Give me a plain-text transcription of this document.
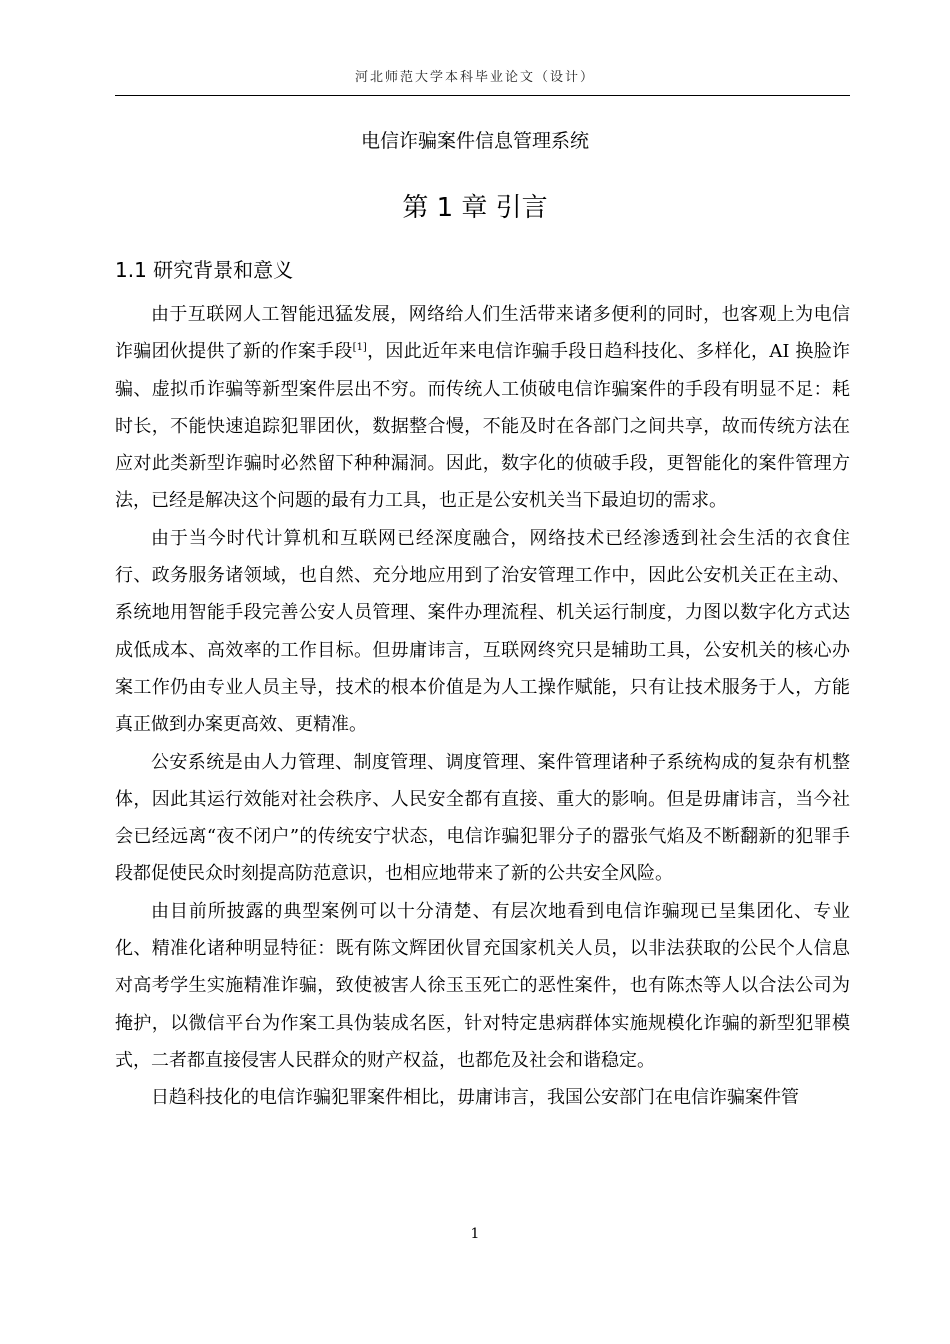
河北师范大学本科毕业论文（设计）
电信诈骗案件信息管理系统
第 1 章 引言
1.1 研究背景和意义

由于互联网人工智能迅猛发展，网络给人们生活带来诸多便利的同时，也客观上为电信诈骗团伙提供了新的作案手段[1]，因此近年来电信诈骗手段日趋科技化、多样化，AI 换脸诈骗、虚拟币诈骗等新型案件层出不穷。而传统人工侦破电信诈骗案件的手段有明显不足：耗时长，不能快速追踪犯罪团伙，数据整合慢，不能及时在各部门之间共享，故而传统方法在应对此类新型诈骗时必然留下种种漏洞。因此，数字化的侦破手段，更智能化的案件管理方法，已经是解决这个问题的最有力工具，也正是公安机关当下最迫切的需求。

由于当今时代计算机和互联网已经深度融合，网络技术已经渗透到社会生活的衣食住行、政务服务诸领域，也自然、充分地应用到了治安管理工作中，因此公安机关正在主动、系统地用智能手段完善公安人员管理、案件办理流程、机关运行制度，力图以数字化方式达成低成本、高效率的工作目标。但毋庸讳言，互联网终究只是辅助工具，公安机关的核心办案工作仍由专业人员主导，技术的根本价值是为人工操作赋能，只有让技术服务于人，方能真正做到办案更高效、更精准。

公安系统是由人力管理、制度管理、调度管理、案件管理诸种子系统构成的复杂有机整体，因此其运行效能对社会秩序、人民安全都有直接、重大的影响。但是毋庸讳言，当今社会已经远离“夜不闭户”的传统安宁状态，电信诈骗犯罪分子的嚣张气焰及不断翻新的犯罪手段都促使民众时刻提高防范意识，也相应地带来了新的公共安全风险。

由目前所披露的典型案例可以十分清楚、有层次地看到电信诈骗现已呈集团化、专业化、精准化诸种明显特征：既有陈文辉团伙冒充国家机关人员，以非法获取的公民个人信息对高考学生实施精准诈骗，致使被害人徐玉玉死亡的恶性案件，也有陈杰等人以合法公司为掩护，以微信平台为作案工具伪装成名医，针对特定患病群体实施规模化诈骗的新型犯罪模式，二者都直接侵害人民群众的财产权益，也都危及社会和谐稳定。

日趋科技化的电信诈骗犯罪案件相比，毋庸讳言，我国公安部门在电信诈骗案件管

1
